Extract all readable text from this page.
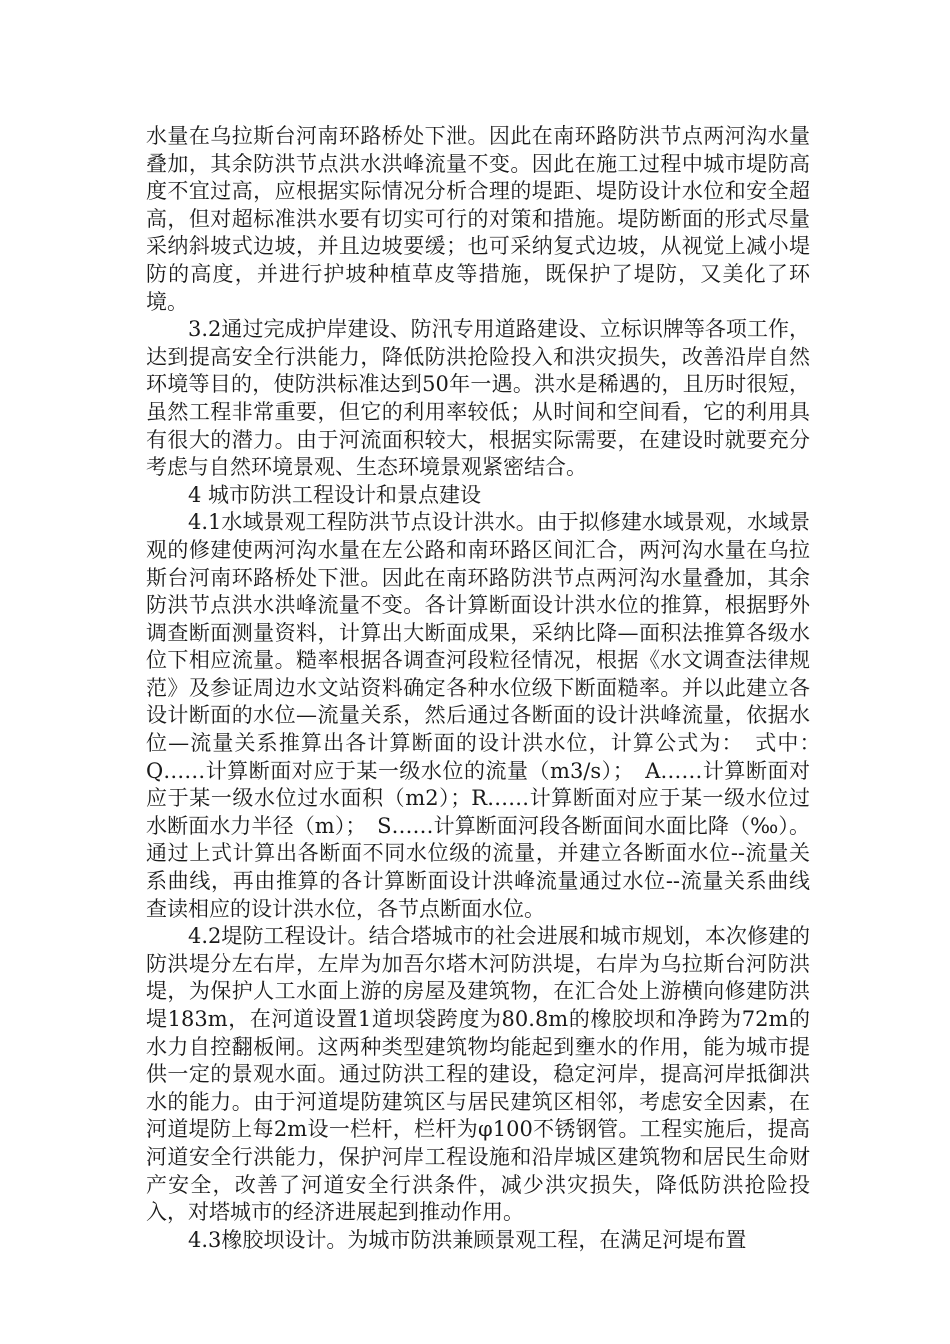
水量在乌拉斯台河南环路桥处下泄。因此在南环路防洪节点两河沟水量叠加，其余防洪节点洪水洪峰流量不变。因此在施工过程中城市堤防高度不宜过高，应根据实际情况分析合理的堤距、堤防设计水位和安全超高，但对超标准洪水要有切实可行的对策和措施。堤防断面的形式尽量采纳斜坡式边坡，并且边坡要缓；也可采纳复式边坡，从视觉上减小堤防的高度，并进行护坡种植草皮等措施，既保护了堤防，又美化了环境。

3.2通过完成护岸建设、防汛专用道路建设、立标识牌等各项工作，达到提高安全行洪能力，降低防洪抢险投入和洪灾损失，改善沿岸自然环境等目的，使防洪标准达到50年一遇。洪水是稀遇的，且历时很短，虽然工程非常重要，但它的利用率较低；从时间和空间看，它的利用具有很大的潜力。由于河流面积较大，根据实际需要，在建设时就要充分考虑与自然环境景观、生态环境景观紧密结合。

4 城市防洪工程设计和景点建设

4.1水域景观工程防洪节点设计洪水。由于拟修建水域景观，水域景观的修建使两河沟水量在左公路和南环路区间汇合，两河沟水量在乌拉斯台河南环路桥处下泄。因此在南环路防洪节点两河沟水量叠加，其余防洪节点洪水洪峰流量不变。各计算断面设计洪水位的推算，根据野外调查断面测量资料，计算出大断面成果，采纳比降—面积法推算各级水位下相应流量。糙率根据各调查河段粒径情况，根据《水文调查法律规范》及参证周边水文站资料确定各种水位级下断面糙率。并以此建立各设计断面的水位—流量关系，然后通过各断面的设计洪峰流量，依据水位—流量关系推算出各计算断面的设计洪水位，计算公式为：　式中：　Q……计算断面对应于某一级水位的流量（m3/s）；　A……计算断面对应于某一级水位过水面积（m2）；R……计算断面对应于某一级水位过水断面水力半径（m）；　S……计算断面河段各断面间水面比降（‰）。通过上式计算出各断面不同水位级的流量，并建立各断面水位--流量关系曲线，再由推算的各计算断面设计洪峰流量通过水位--流量关系曲线查读相应的设计洪水位，各节点断面水位。

4.2堤防工程设计。结合塔城市的社会进展和城市规划，本次修建的防洪堤分左右岸，左岸为加吾尔塔木河防洪堤，右岸为乌拉斯台河防洪堤，为保护人工水面上游的房屋及建筑物，在汇合处上游横向修建防洪堤183m，在河道设置1道坝袋跨度为80.8m的橡胶坝和净跨为72m的水力自控翻板闸。这两种类型建筑物均能起到壅水的作用，能为城市提供一定的景观水面。通过防洪工程的建设，稳定河岸，提高河岸抵御洪水的能力。由于河道堤防建筑区与居民建筑区相邻，考虑安全因素，在河道堤防上每2m设一栏杆，栏杆为φ100不锈钢管。工程实施后，提高河道安全行洪能力，保护河岸工程设施和沿岸城区建筑物和居民生命财产安全，改善了河道安全行洪条件，减少洪灾损失，降低防洪抢险投入，对塔城市的经济进展起到推动作用。

4.3橡胶坝设计。为城市防洪兼顾景观工程，在满足河堤布置
